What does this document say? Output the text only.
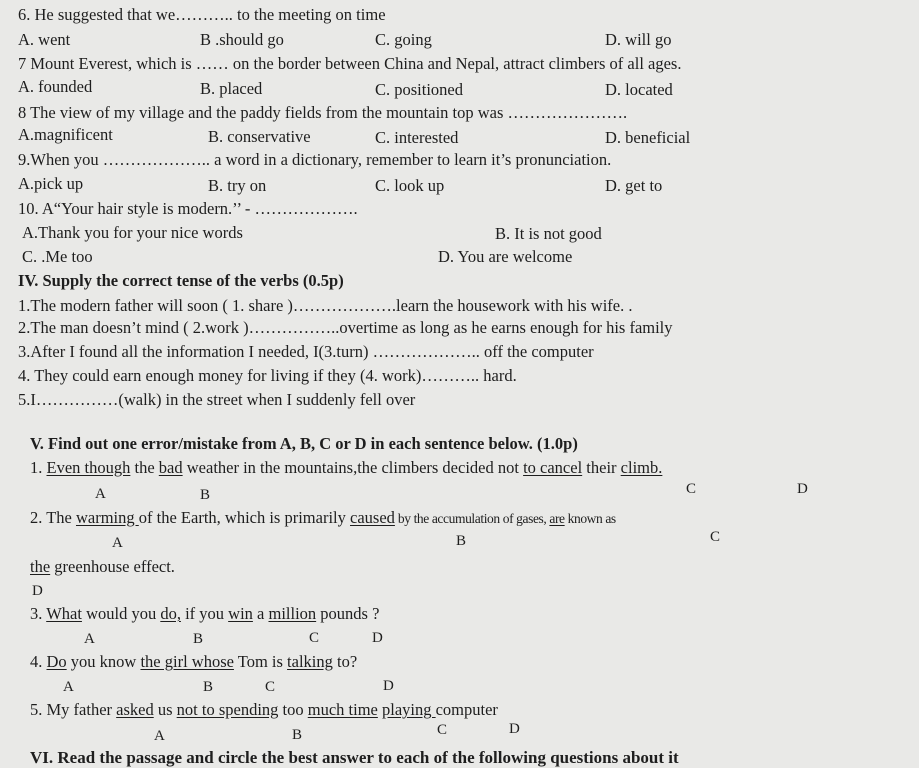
6. He suggested that we……….. to the meeting on time
A. went	B .should go	C. going	D. will go
7 Mount Everest, which is …… on the border between China and Nepal, attract climbers of all ages.
A. founded	B. placed	C. positioned	D. located
8 The view of my village and the paddy fields from the mountain top was ………………….
A.magnificent	B. conservative	C. interested	D. beneficial
9.When you ……………….. a word in a dictionary, remember to learn it’s pronunciation.
A.pick up	B. try on	C. look up	D. get to
10. A“Your hair style is modern.’’ - ……………….
A.Thank you for your nice words	B. It is not good
C. .Me too	D. You are welcome
IV. Supply the correct tense of the verbs (0.5p)
1.The modern father will soon ( 1. share )……………….learn the housework with his wife. .
2.The man doesn’t mind ( 2.work )……………..overtime as long as he earns enough for his family
3.After I found all the information I needed, I(3.turn) ……………….. off the computer
4. They could earn enough money for living if they (4. work)……….. hard.
5.I……………(walk) in the street when I suddenly fell over
V. Find out one error/mistake from A, B, C or D in each sentence below. (1.0p)
1. Even though the bad weather in the mountains,the climbers decided not to cancel their climb.
A	B	C	D
2. The warming of the Earth, which is primarily caused by the accumulation of gases, are known as
A	B	C
the greenhouse effect.
D
3. What would you do, if you win a million pounds ?
A	B	C	D
4. Do you know the girl whose Tom is talking to?
A	B	C	D
5. My father asked us not to spending too much time playing computer
A	B	C	D
VI. Read the passage and circle the best answer to each of the following questions about it
